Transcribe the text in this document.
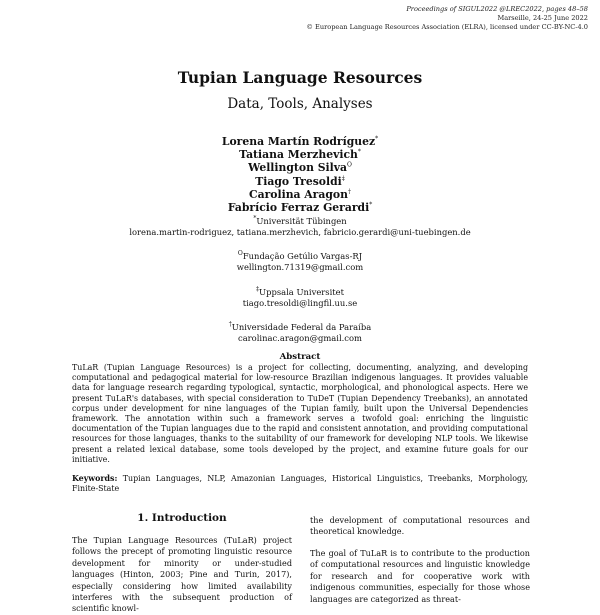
Proceedings of SIGUL2022 @LREC2022, pages 48–58
Marseille, 24-25 June 2022
© European Language Resources Association (ELRA), licensed under CC-BY-NC-4.0
Tupian Language Resources
Data, Tools, Analyses
Lorena Martín Rodríguez*
Tatiana Merzhevich*
Wellington Silva$^O$
Tiago Tresoldi‡
Carolina Aragon†
Fabrício Ferraz Gerardi*
*Universität Tübingen
lorena.martin-rodriguez, tatiana.merzhevich, fabricio.gerardi@uni-tuebingen.de
$^O$Fundação Getúlio Vargas-RJ
wellington.71319@gmail.com
‡Uppsala Universitet
tiago.tresoldi@lingfil.uu.se
†Universidade Federal da Paraíba
carolinac.aragon@gmail.com
Abstract
TuLaR (Tupian Language Resources) is a project for collecting, documenting, analyzing, and developing computational and pedagogical material for low-resource Brazilian indigenous languages. It provides valuable data for language research regarding typological, syntactic, morphological, and phonological aspects. Here we present TuLaR's databases, with special consideration to TuDeT (Tupian Dependency Treebanks), an annotated corpus under development for nine languages of the Tupian family, built upon the Universal Dependencies framework. The annotation within such a framework serves a twofold goal: enriching the linguistic documentation of the Tupian languages due to the rapid and consistent annotation, and providing computational resources for those languages, thanks to the suitability of our framework for developing NLP tools. We likewise present a related lexical database, some tools developed by the project, and examine future goals for our initiative.
Keywords: Tupian Languages, NLP, Amazonian Languages, Historical Linguistics, Treebanks, Morphology, Finite-State
1. Introduction
The Tupian Language Resources (TuLaR) project follows the precept of promoting linguistic resource development for minority or under-studied languages (Hinton, 2003; Pine and Turin, 2017), especially considering how limited availability interferes with the subsequent production of scientific knowl-
the development of computational resources and theoretical knowledge.
The goal of TuLaR is to contribute to the production of computational resources and linguistic knowledge for research and for cooperative work with indigenous communities, especially for those whose languages are categorized as threat-
